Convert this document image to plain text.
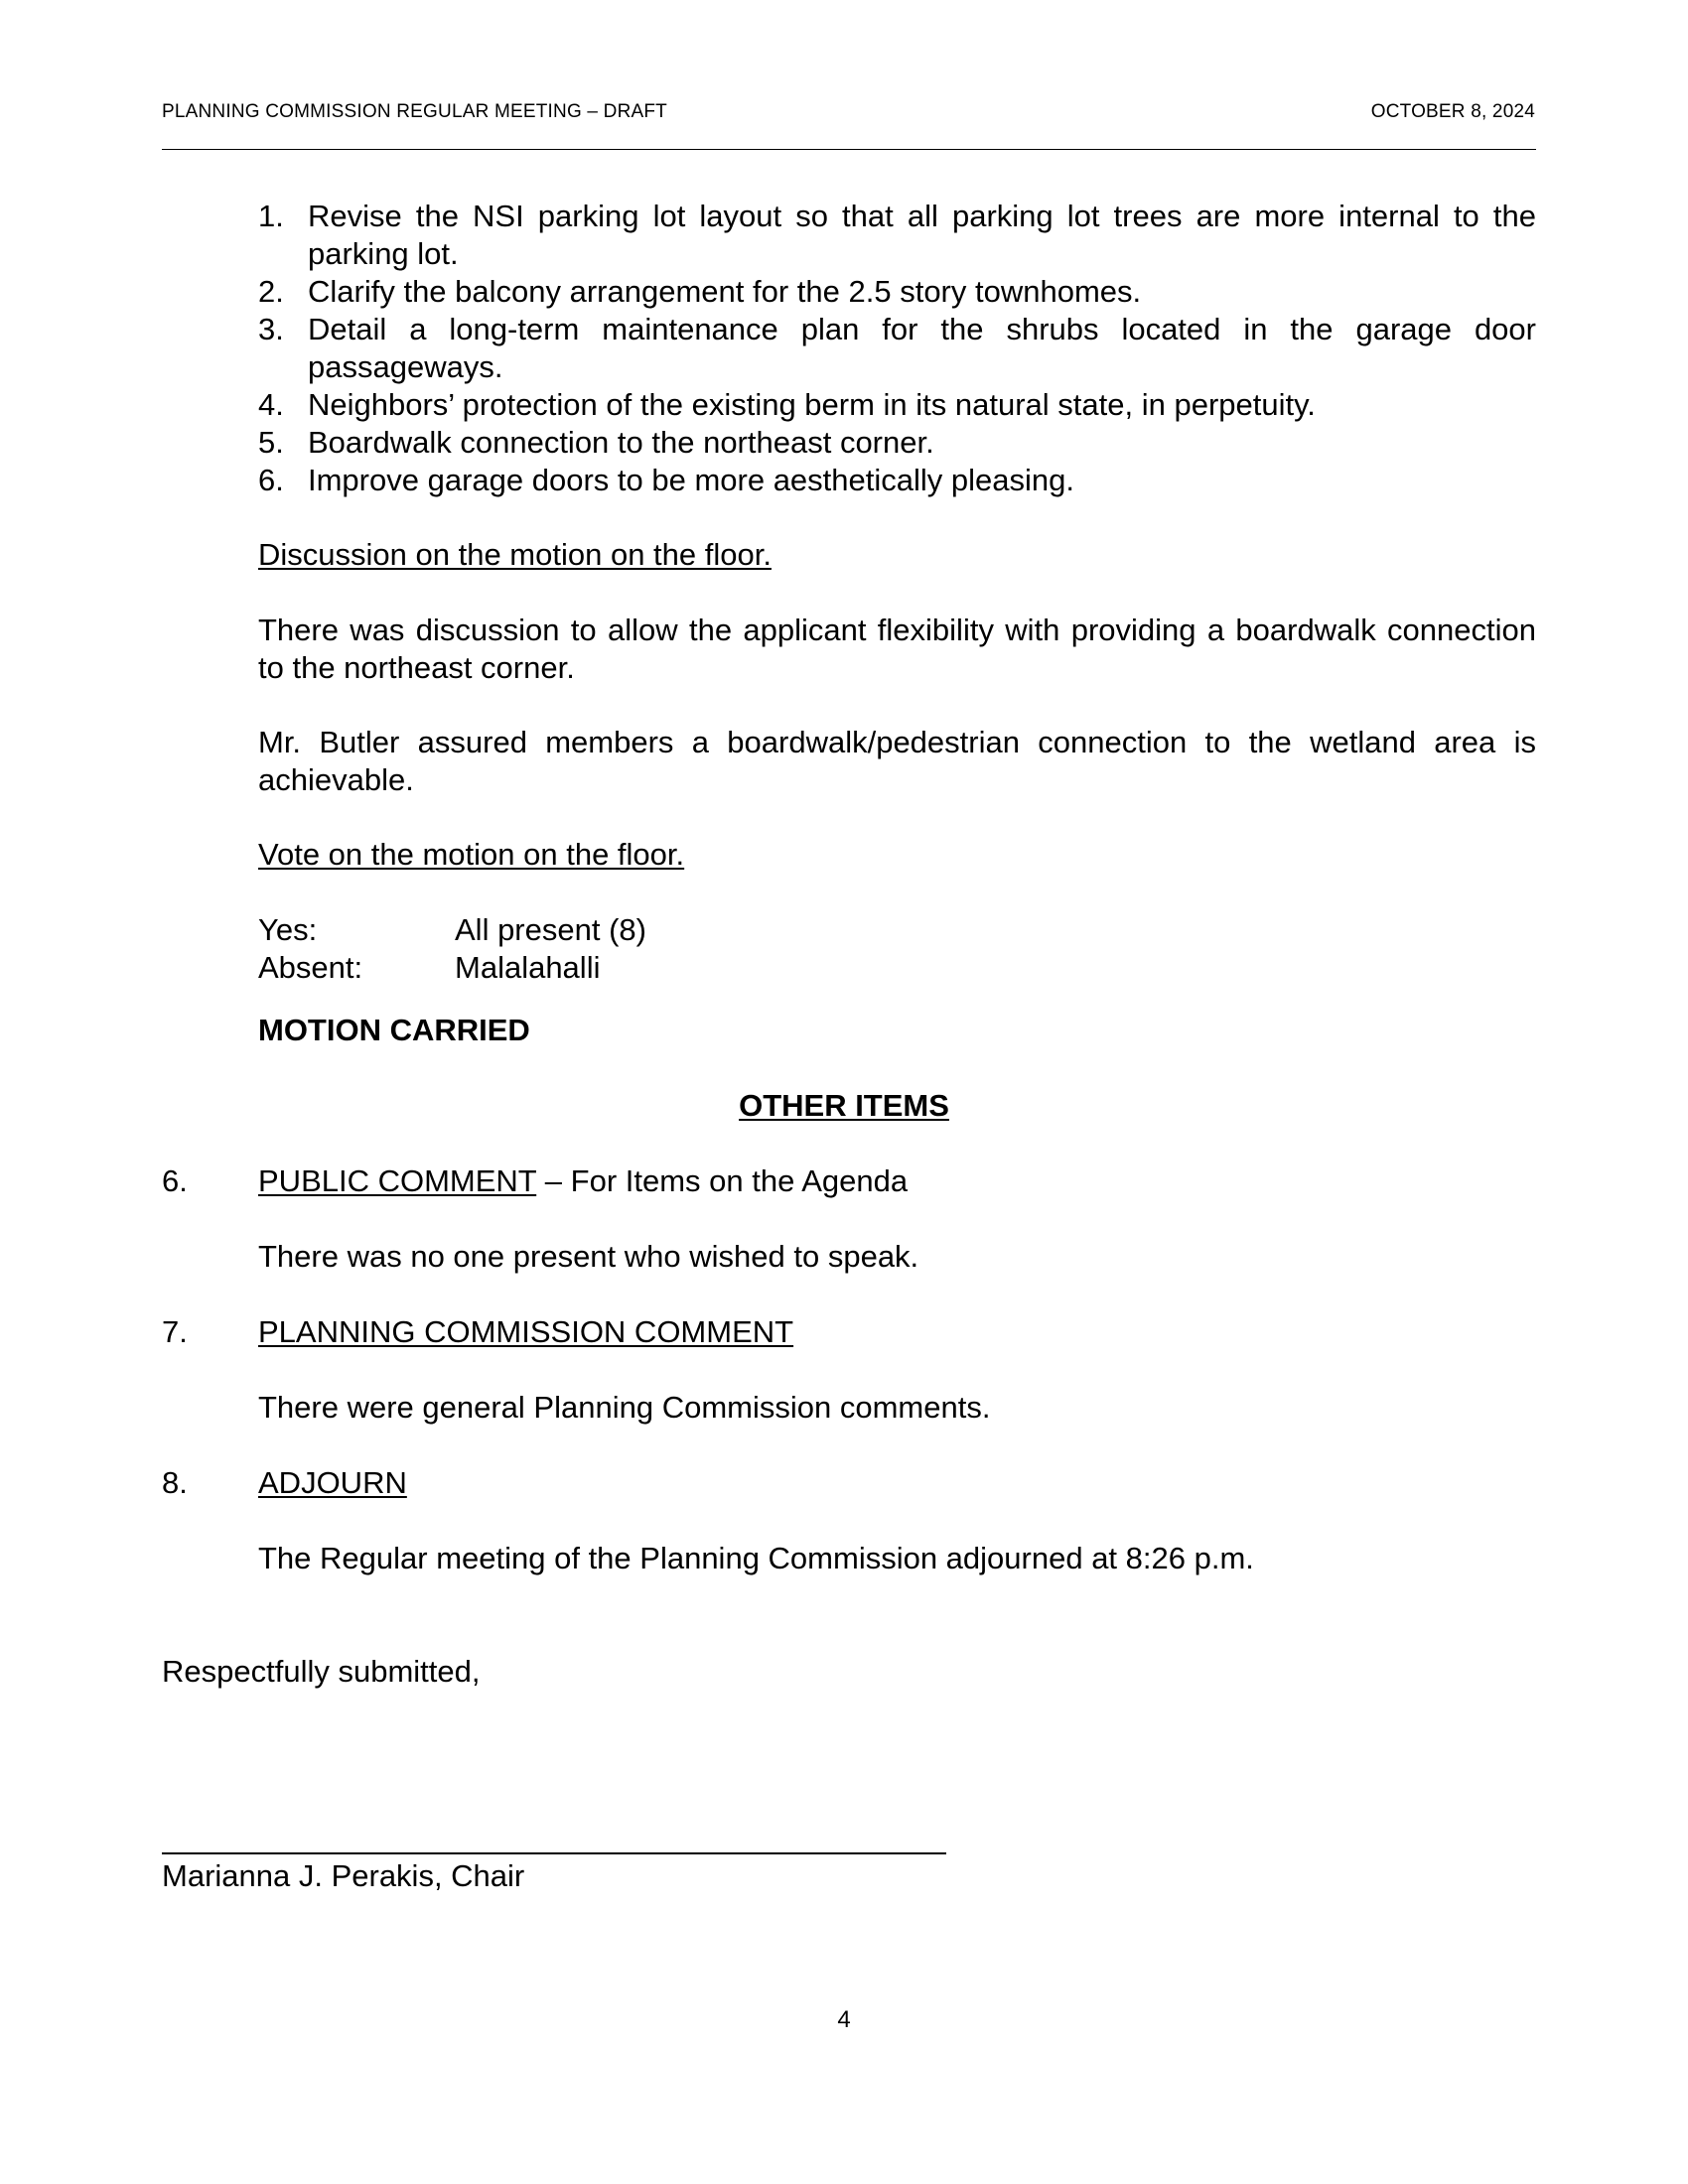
PLANNING COMMISSION REGULAR MEETING – DRAFT	OCTOBER 8, 2024
1. Revise the NSI parking lot layout so that all parking lot trees are more internal to the parking lot.
2. Clarify the balcony arrangement for the 2.5 story townhomes.
3. Detail a long-term maintenance plan for the shrubs located in the garage door passageways.
4. Neighbors’ protection of the existing berm in its natural state, in perpetuity.
5. Boardwalk connection to the northeast corner.
6. Improve garage doors to be more aesthetically pleasing.
Discussion on the motion on the floor.
There was discussion to allow the applicant flexibility with providing a boardwalk connection to the northeast corner.
Mr. Butler assured members a boardwalk/pedestrian connection to the wetland area is achievable.
Vote on the motion on the floor.
Yes:	All present (8)
Absent:	Malalahalli
MOTION CARRIED
OTHER ITEMS
6. PUBLIC COMMENT – For Items on the Agenda
There was no one present who wished to speak.
7. PLANNING COMMISSION COMMENT
There were general Planning Commission comments.
8. ADJOURN
The Regular meeting of the Planning Commission adjourned at 8:26 p.m.
Respectfully submitted,
Marianna J. Perakis, Chair
4
